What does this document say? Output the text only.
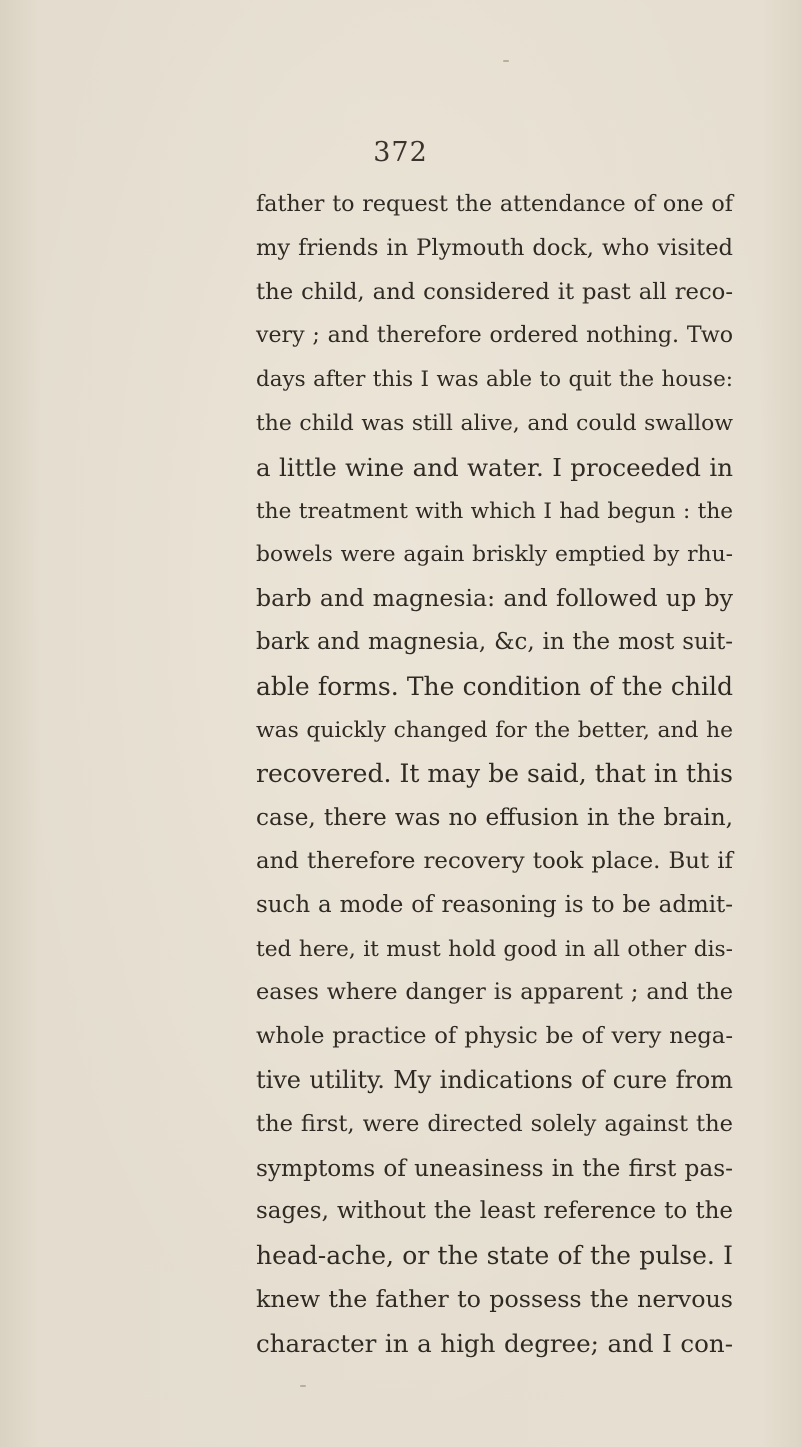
372
father to request the attendance of one of
my friends in Plymouth dock, who visited
the child, and considered it past all reco-
very ; and therefore ordered nothing. Two
days after this I was able to quit the house:
the child was still alive, and could swallow
a little wine and water. I proceeded in
the treatment with which I had begun : the
bowels were again briskly emptied by rhu-
barb and magnesia: and followed up by
bark and magnesia, &c, in the most suit-
able forms. The condition of the child
was quickly changed for the better, and he
recovered. It may be said, that in this
case, there was no effusion in the brain,
and therefore recovery took place. But if
such a mode of reasoning is to be admit-
ted here, it must hold good in all other dis-
eases where danger is apparent ; and the
whole practice of physic be of very nega-
tive utility. My indications of cure from
the first, were directed solely against the
symptoms of uneasiness in the first pas-
sages, without the least reference to the
head-ache, or the state of the pulse. I
knew the father to possess the nervous
character in a high degree; and I con-
